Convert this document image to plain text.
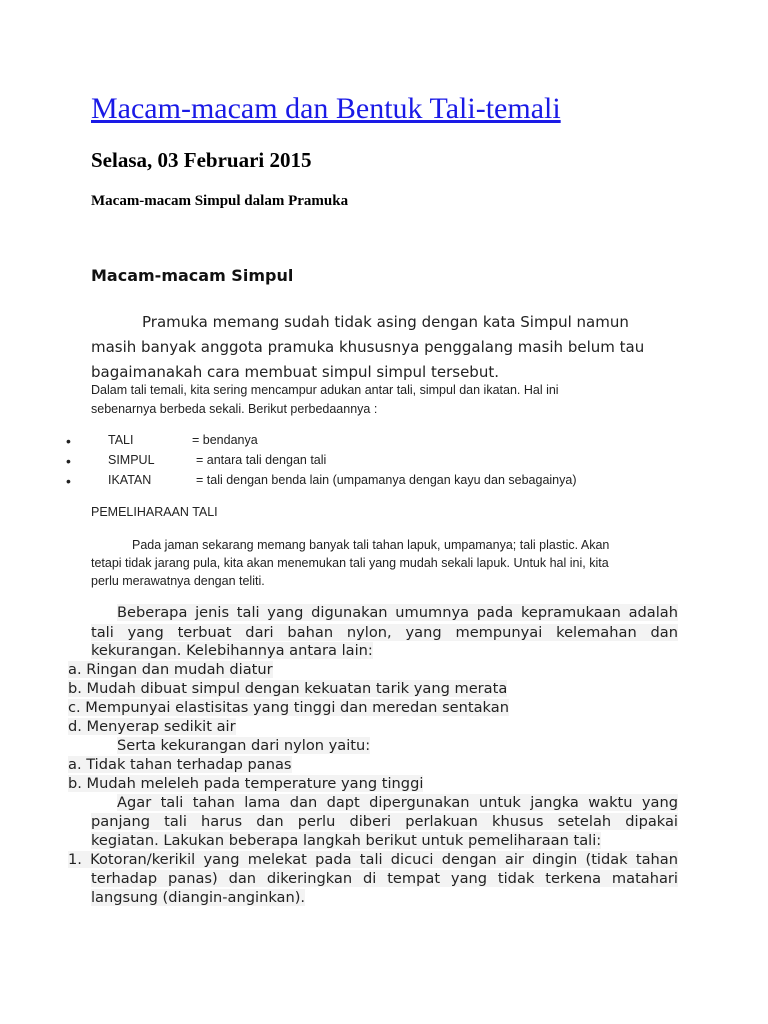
Macam-macam dan Bentuk Tali-temali
Selasa, 03 Februari 2015
Macam-macam Simpul dalam Pramuka
Macam-macam Simpul
Pramuka memang sudah tidak asing dengan kata Simpul namun
masih banyak anggota pramuka khususnya penggalang masih belum tau
bagaimanakah cara membuat simpul simpul tersebut.
Dalam tali temali, kita sering mencampur adukan antar tali, simpul dan ikatan. Hal ini
sebenarnya berbeda sekali. Berikut perbedaannya :
•	TALI	= bendanya
•	SIMPUL	= antara tali dengan tali
•	IKATAN	= tali dengan benda lain (umpamanya dengan kayu dan sebagainya)
PEMELIHARAAN TALI
Pada jaman sekarang memang banyak tali tahan lapuk, umpamanya; tali plastic. Akan
tetapi tidak jarang pula, kita akan menemukan tali yang mudah sekali lapuk. Untuk hal ini, kita
perlu merawatnya dengan teliti.
Beberapa jenis tali yang digunakan umumnya pada kepramukaan adalah
tali yang terbuat dari bahan nylon, yang mempunyai kelemahan dan
kekurangan. Kelebihannya antara lain:
a. Ringan dan mudah diatur
b. Mudah dibuat simpul dengan kekuatan tarik yang merata
c. Mempunyai elastisitas yang tinggi dan meredan sentakan
d. Menyerap sedikit air
Serta kekurangan dari nylon yaitu:
a. Tidak tahan terhadap panas
b. Mudah meleleh pada temperature yang tinggi
Agar tali tahan lama dan dapt dipergunakan untuk jangka waktu yang
panjang tali harus dan perlu diberi perlakuan khusus setelah dipakai
kegiatan. Lakukan beberapa langkah berikut untuk pemeliharaan tali:
1. Kotoran/kerikil yang melekat pada tali dicuci dengan air dingin (tidak tahan
terhadap panas) dan dikeringkan di tempat yang tidak terkena matahari
langsung (diangin-anginkan).
